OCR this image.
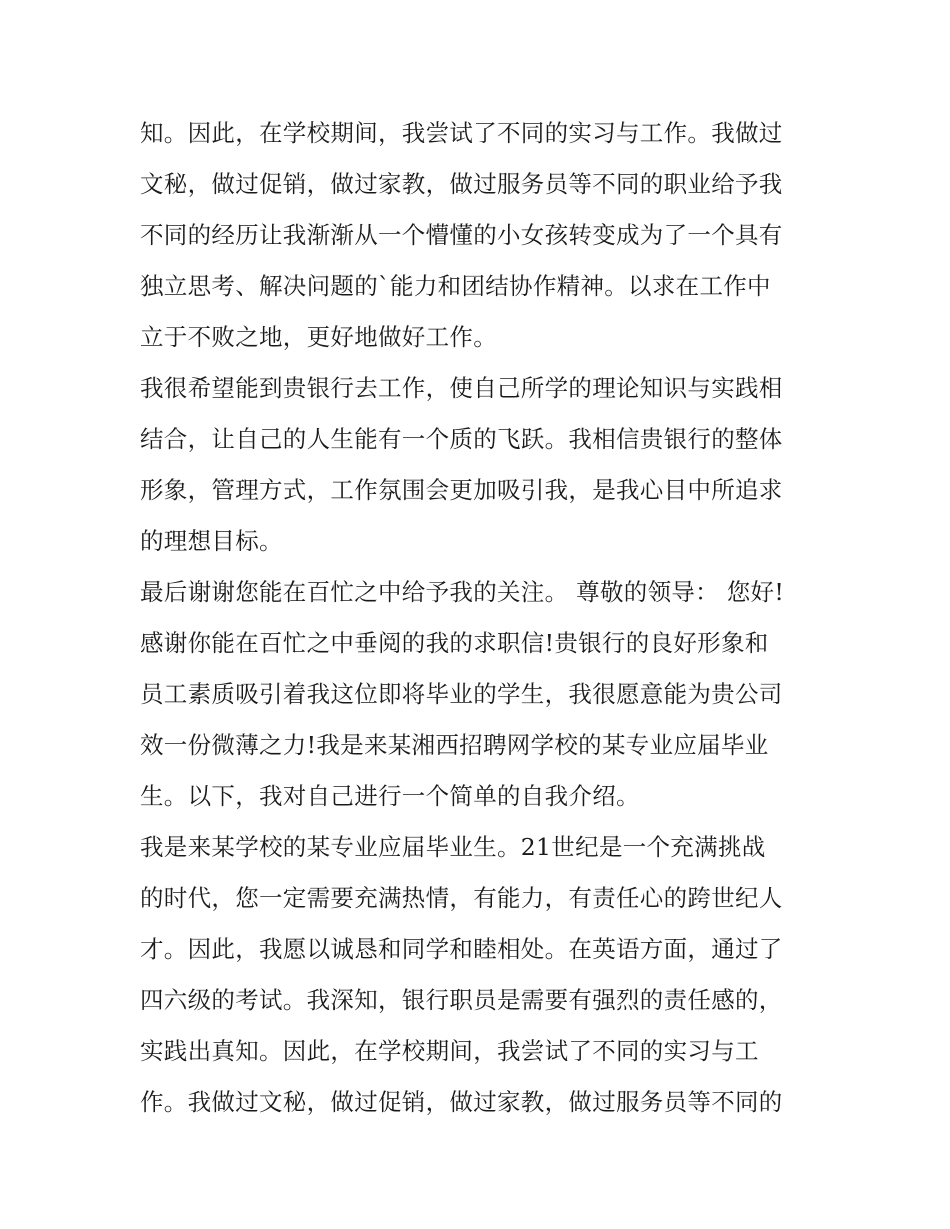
知。因此，在学校期间，我尝试了不同的实习与工作。我做过
文秘，做过促销，做过家教，做过服务员等不同的职业给予我
不同的经历让我渐渐从一个懵懂的小女孩转变成为了一个具有
独立思考、解决问题的`能力和团结协作精神。以求在工作中
立于不败之地，更好地做好工作。
我很希望能到贵银行去工作，使自己所学的理论知识与实践相
结合，让自己的人生能有一个质的飞跃。我相信贵银行的整体
形象，管理方式，工作氛围会更加吸引我，是我心目中所追求
的理想目标。
最后谢谢您能在百忙之中给予我的关注。 尊敬的领导： 您好!
感谢你能在百忙之中垂阅的我的求职信!贵银行的良好形象和
员工素质吸引着我这位即将毕业的学生，我很愿意能为贵公司
效一份微薄之力!我是来某湘西招聘网学校的某专业应届毕业
生。以下，我对自己进行一个简单的自我介绍。
我是来某学校的某专业应届毕业生。21世纪是一个充满挑战
的时代，您一定需要充满热情，有能力，有责任心的跨世纪人
才。因此，我愿以诚恳和同学和睦相处。在英语方面，通过了
四六级的考试。我深知，银行职员是需要有强烈的责任感的，
实践出真知。因此，在学校期间，我尝试了不同的实习与工
作。我做过文秘，做过促销，做过家教，做过服务员等不同的
